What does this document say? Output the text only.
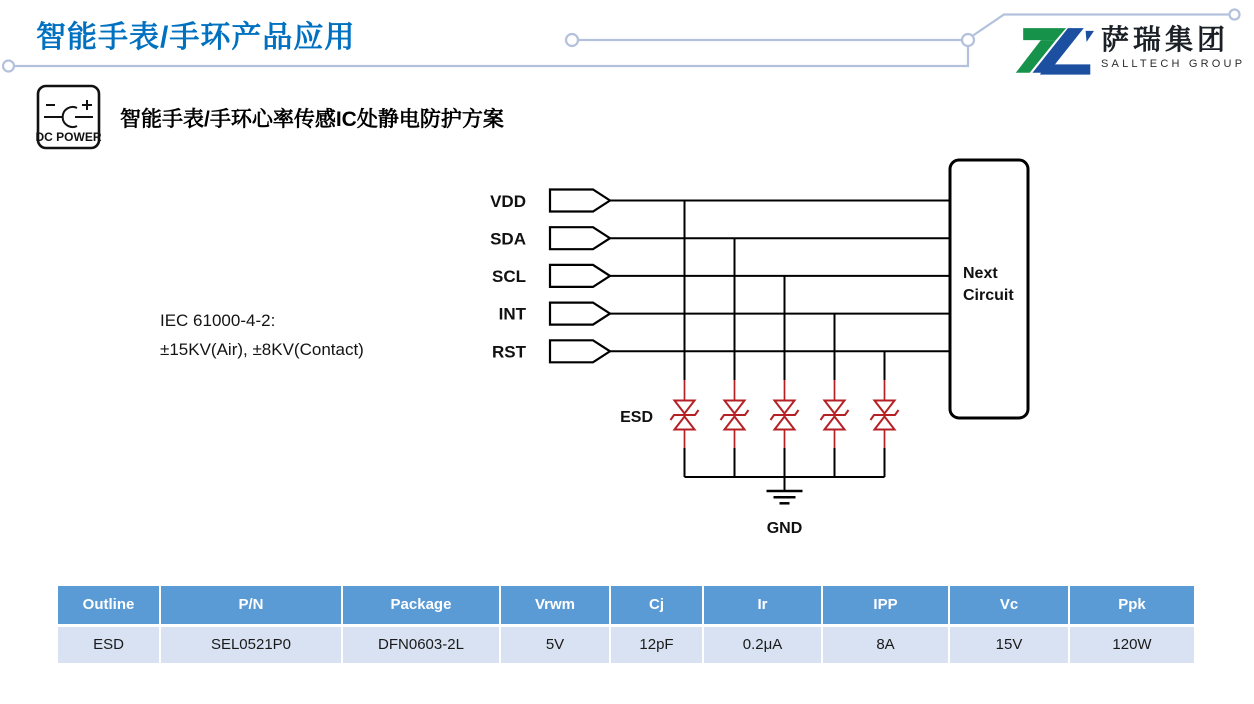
智能手表/手环产品应用	萨瑞集团
SALLTECH GROUP
DC POWER
智能手表/手环心率传感IC处静电防护方案
IEC 61000-4-2:
±15KV(Air), ±8KV(Contact)
VDD
SDA
SCL
INT
RST
Next
Circuit
ESD
GND
Outline	P/N	Package	Vrwm	Cj	Ir	IPP	Vc	Ppk
ESD	SEL0521P0	DFN0603-2L	5V	12pF	0.2μA	8A	15V	120W
